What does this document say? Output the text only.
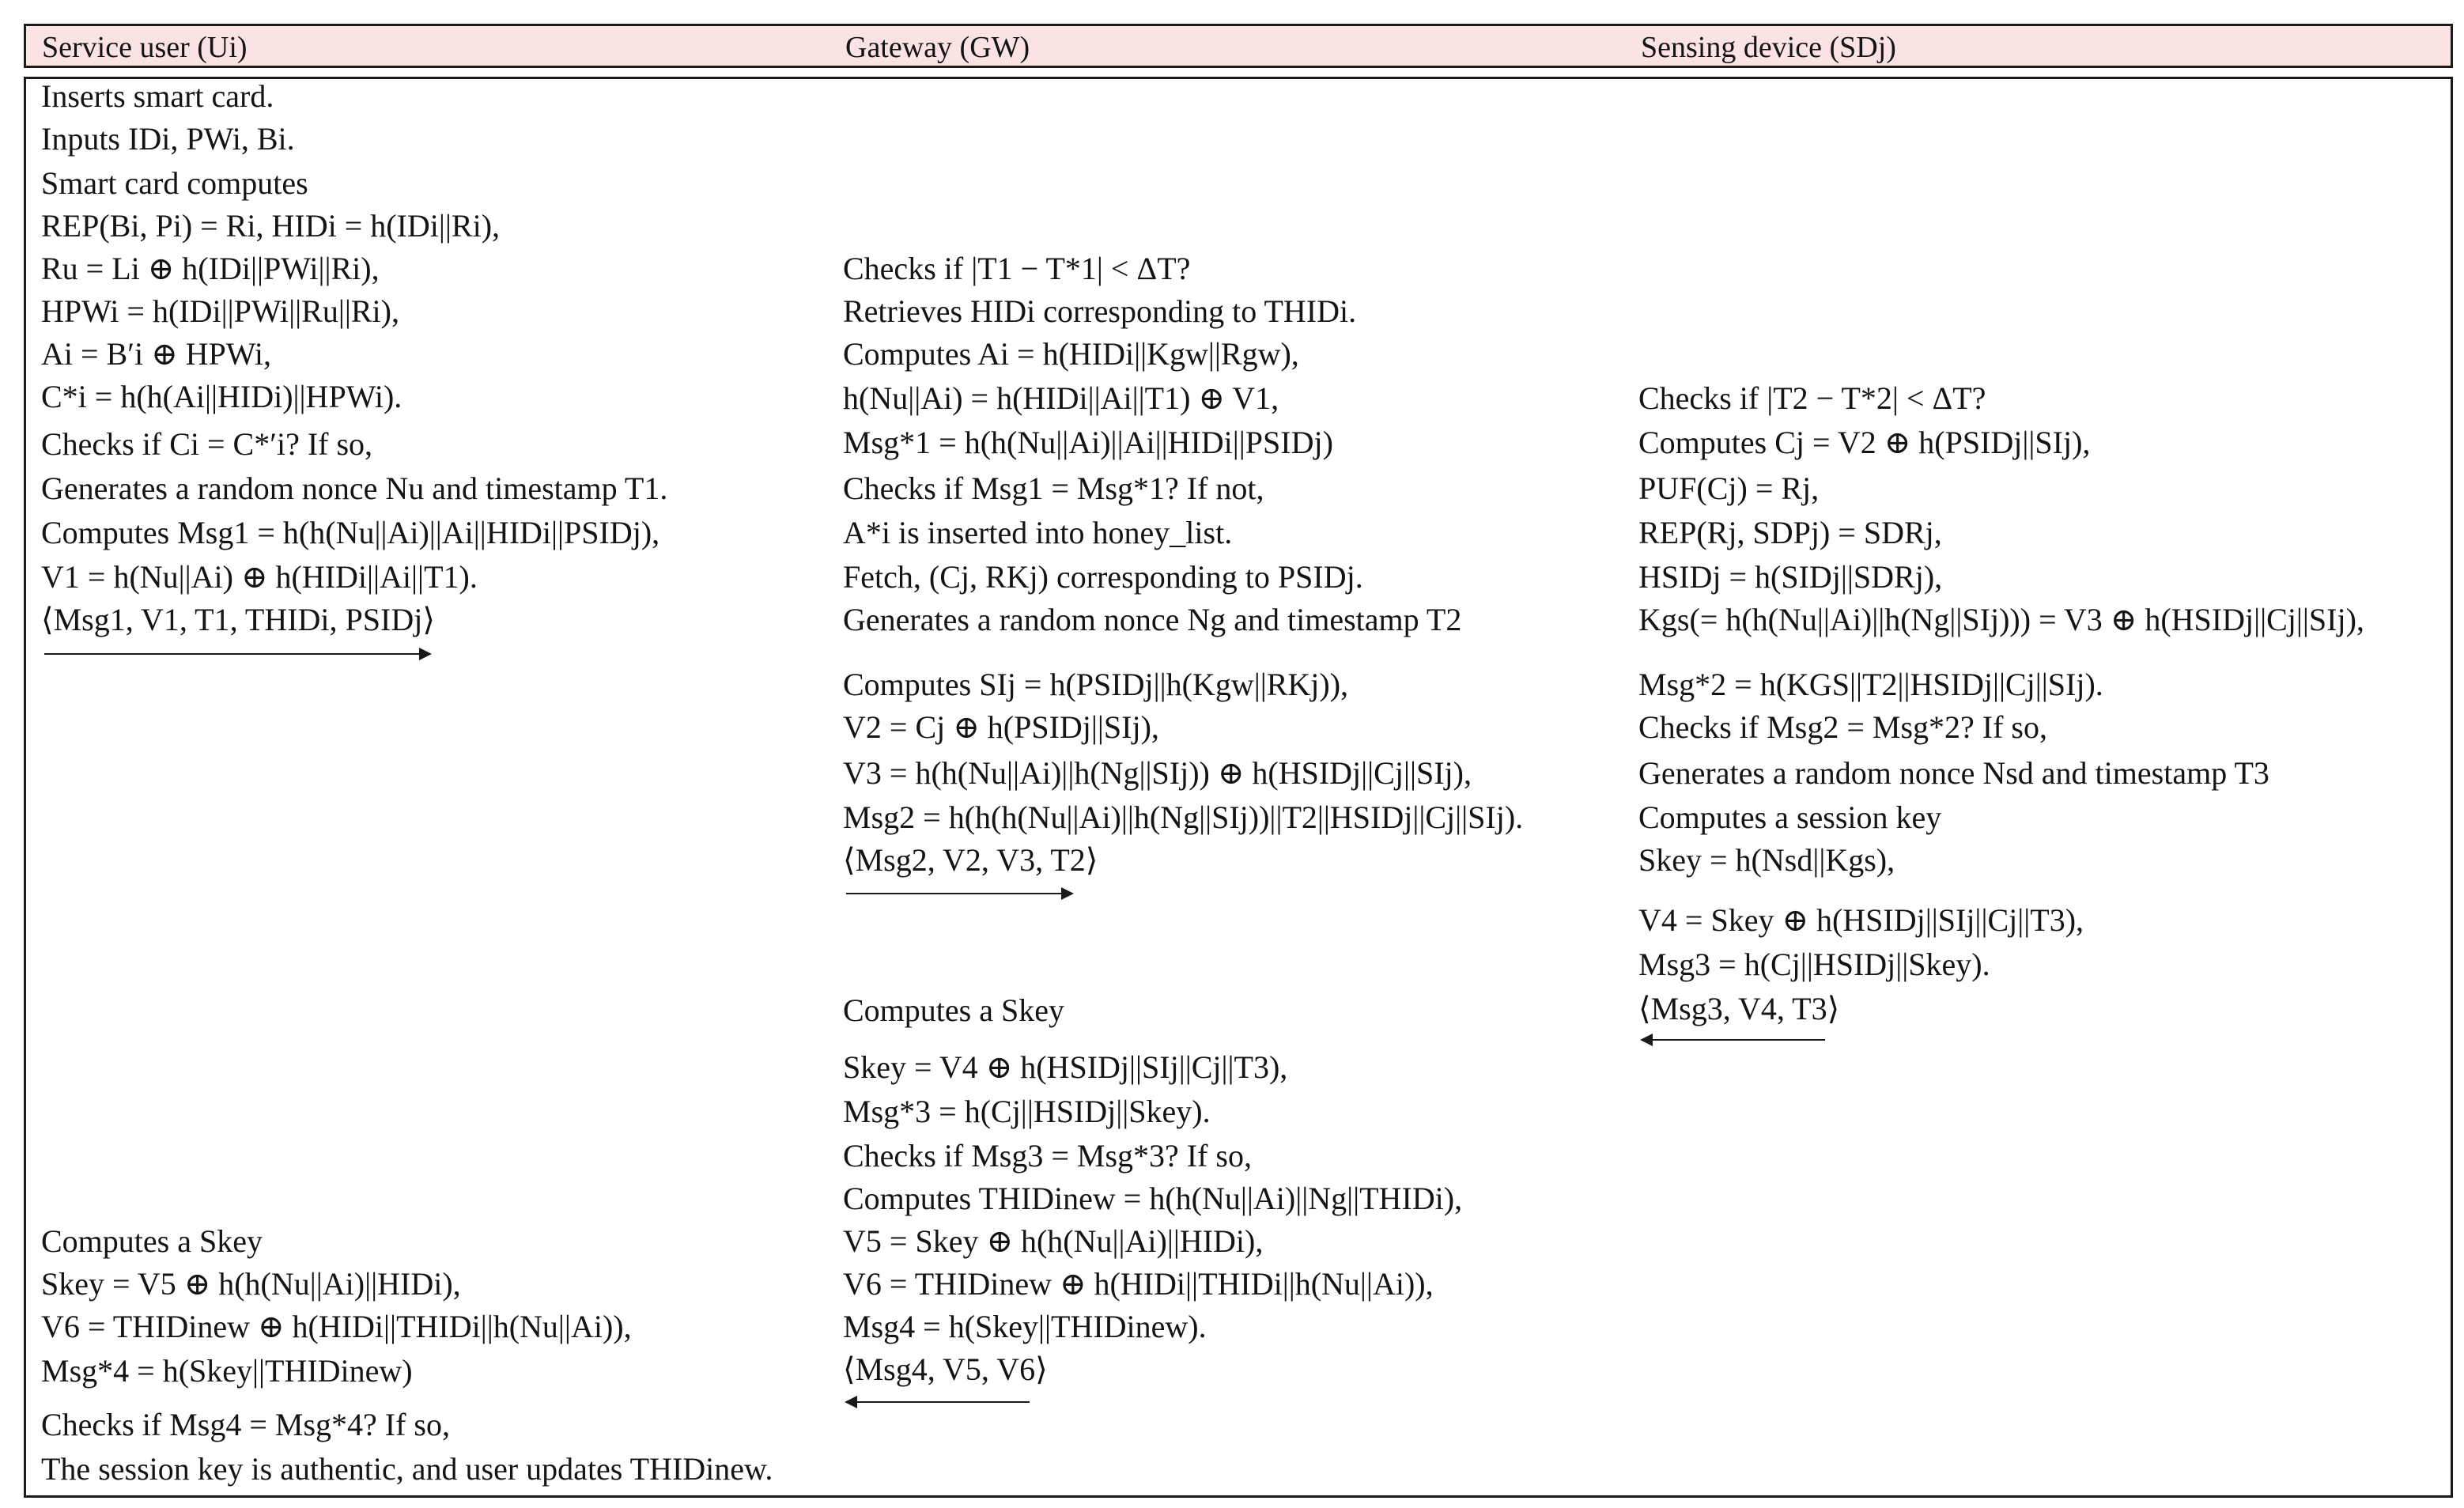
Service user (Ui)	Gateway (GW)	Sensing device (SDj)
Inserts smart card.
Inputs IDi, PWi, Bi.
Smart card computes
REP(Bi, Pi) = Ri, HIDi = h(IDi||Ri),
Ru = Li ⊕ h(IDi||PWi||Ri),
HPWi = h(IDi||PWi||Ru||Ri),
Ai = B′i ⊕ HPWi,
C*i = h(h(Ai||HIDi)||HPWi).
Checks if Ci = C*′i? If so,
Generates a random nonce Nu and timestamp T1.
Computes Msg1 = h(h(Nu||Ai)||Ai||HIDi||PSIDj),
V1 = h(Nu||Ai) ⊕ h(HIDi||Ai||T1).
⟨Msg1, V1, T1, THIDi, PSIDj⟩
Computes a Skey
Skey = V5 ⊕ h(h(Nu||Ai)||HIDi),
V6 = THIDinew ⊕ h(HIDi||THIDi||h(Nu||Ai)),
Msg*4 = h(Skey||THIDinew)
Checks if Msg4 = Msg*4? If so,
The session key is authentic, and user updates THIDinew.
Checks if |T1 − T*1| < ΔT?
Retrieves HIDi corresponding to THIDi.
Computes Ai = h(HIDi||Kgw||Rgw),
h(Nu||Ai) = h(HIDi||Ai||T1) ⊕ V1,
Msg*1 = h(h(Nu||Ai)||Ai||HIDi||PSIDj)
Checks if Msg1 = Msg*1? If not,
A*i is inserted into honey_list.
Fetch, (Cj, RKj) corresponding to PSIDj.
Generates a random nonce Ng and timestamp T2
Computes SIj = h(PSIDj||h(Kgw||RKj)),
V2 = Cj ⊕ h(PSIDj||SIj),
V3 = h(h(Nu||Ai)||h(Ng||SIj)) ⊕ h(HSIDj||Cj||SIj),
Msg2 = h(h(h(Nu||Ai)||h(Ng||SIj))||T2||HSIDj||Cj||SIj).
⟨Msg2, V2, V3, T2⟩
Computes a Skey
Skey = V4 ⊕ h(HSIDj||SIj||Cj||T3),
Msg*3 = h(Cj||HSIDj||Skey).
Checks if Msg3 = Msg*3? If so,
Computes THIDinew = h(h(Nu||Ai)||Ng||THIDi),
V5 = Skey ⊕ h(h(Nu||Ai)||HIDi),
V6 = THIDinew ⊕ h(HIDi||THIDi||h(Nu||Ai)),
Msg4 = h(Skey||THIDinew).
⟨Msg4, V5, V6⟩
Checks if |T2 − T*2| < ΔT?
Computes Cj = V2 ⊕ h(PSIDj||SIj),
PUF(Cj) = Rj,
REP(Rj, SDPj) = SDRj,
HSIDj = h(SIDj||SDRj),
Kgs(= h(h(Nu||Ai)||h(Ng||SIj))) = V3 ⊕ h(HSIDj||Cj||SIj),
Msg*2 = h(KGS||T2||HSIDj||Cj||SIj).
Checks if Msg2 = Msg*2? If so,
Generates a random nonce Nsd and timestamp T3
Computes a session key
Skey = h(Nsd||Kgs),
V4 = Skey ⊕ h(HSIDj||SIj||Cj||T3),
Msg3 = h(Cj||HSIDj||Skey).
⟨Msg3, V4, T3⟩
